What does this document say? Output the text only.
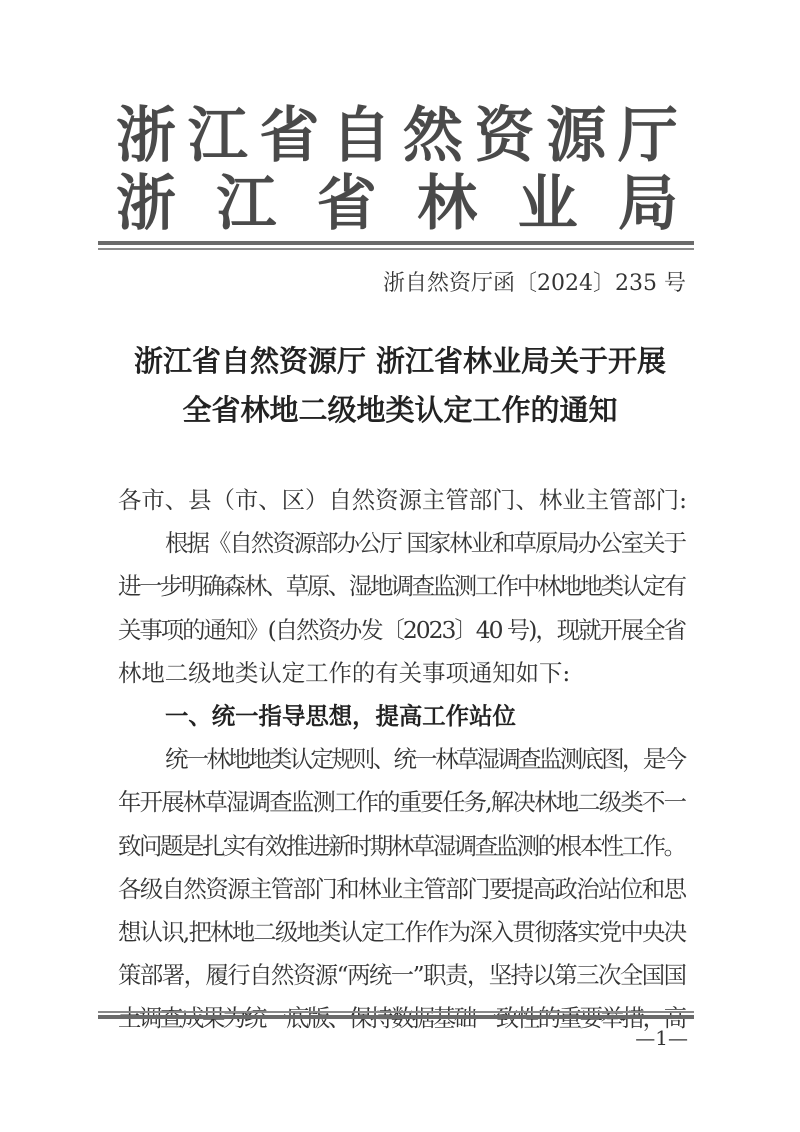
浙 江 省 自 然 资 源 厅
浙 江 省 林 业 局
浙自然资厅函〔2024〕235 号
浙江省自然资源厅 浙江省林业局关于开展
全省林地二级地类认定工作的通知
各市、县（市、区）自然资源主管部门、林业主管部门:
根据《自然资源部办公厅 国家林业和草原局办公室关于
进一步明确森林、草原、湿地调查监测工作中林地地类认定有
关事项的通知》(自然资办发〔2023〕40 号)，现就开展全省
林地二级地类认定工作的有关事项通知如下:
一、统一指导思想，提高工作站位
统一林地地类认定规则、统一林草湿调查监测底图，是今
年开展林草湿调查监测工作的重要任务,解决林地二级类不一
致问题是扎实有效推进新时期林草湿调查监测的根本性工作。
各级自然资源主管部门和林业主管部门要提高政治站位和思
想认识,把林地二级地类认定工作作为深入贯彻落实党中央决
策部署，履行自然资源“两统一”职责，坚持以第三次全国国
—1—
